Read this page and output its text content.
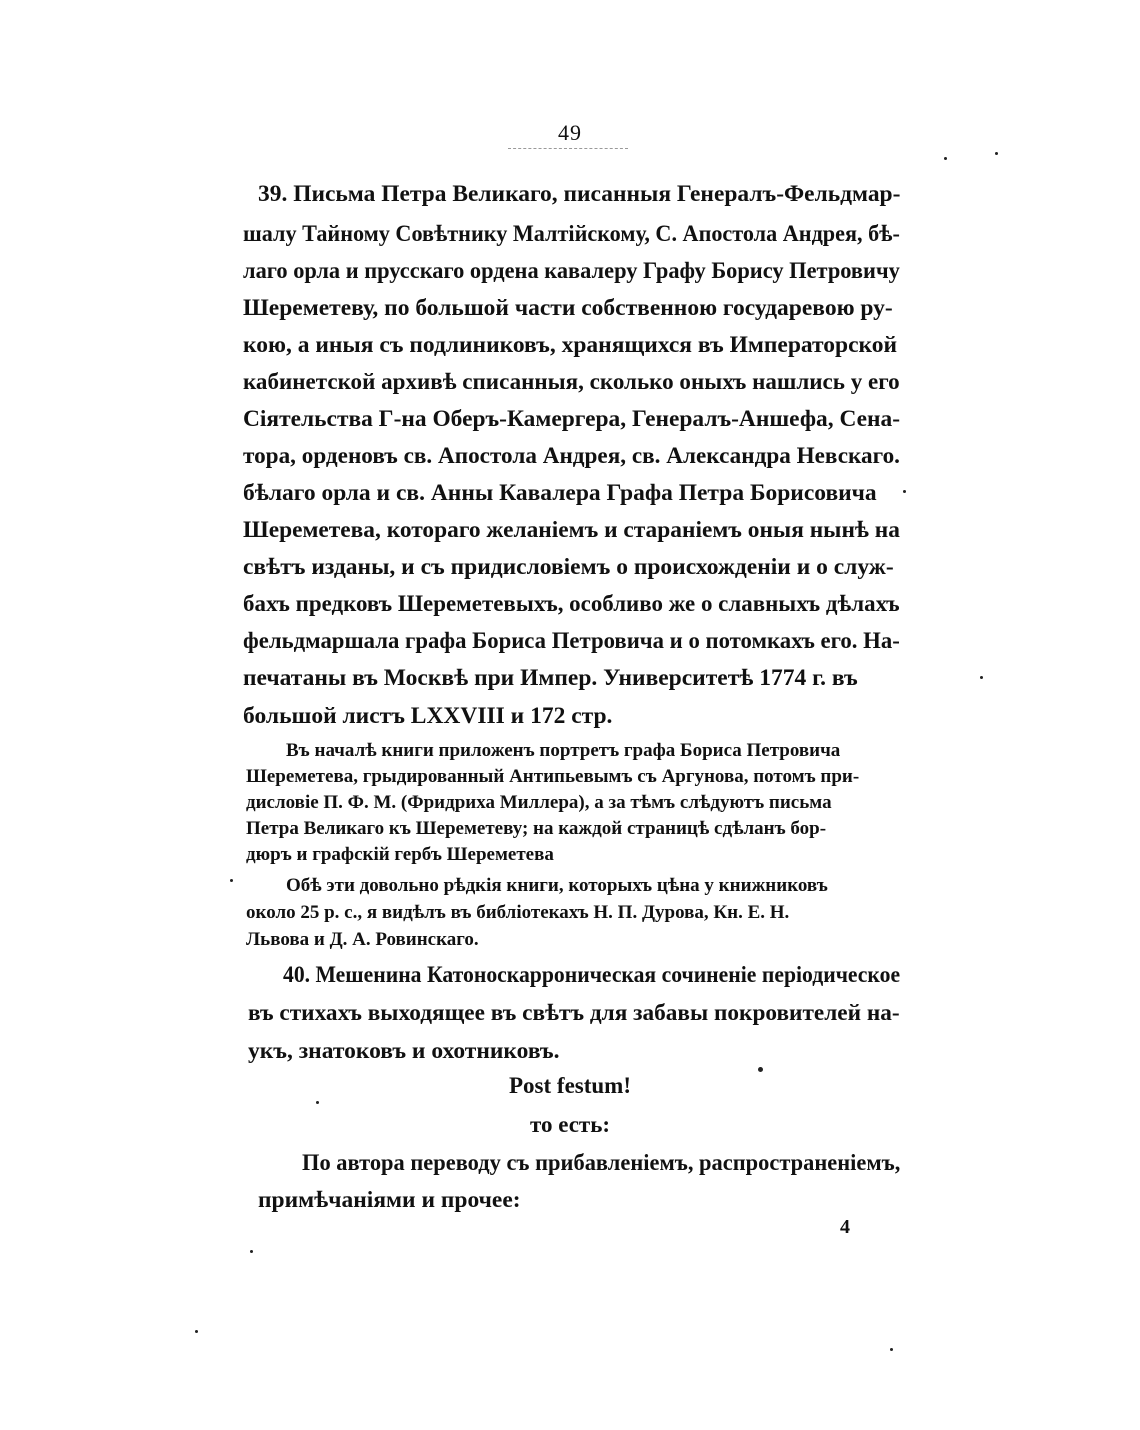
49
39. Письма Петра Великаго, писанныя Генералъ-Фельдмар-
шалу Тайному Совѣтнику Малтійскому, С. Апостола Андрея, бѣ-
лаго орла и прусскаго ордена кавалеру Графу Борису Петровичу
Шереметеву, по большой части собственною государевою ру-
кою, а иныя съ подлиниковъ, хранящихся въ Императорской
кабинетской архивѣ списанныя, сколько оныхъ нашлись у его
Сіятельства Г-на Оберъ-Камергера, Генералъ-Аншефа, Сена-
тора, орденовъ св. Апостола Андрея, св. Александра Невскаго.
бѣлаго орла и св. Анны Кавалера Графа Петра Борисовича
Шереметева, котораго желаніемъ и стараніемъ оныя нынѣ на
свѣтъ изданы, и съ придисловіемъ о происхожденіи и о служ-
бахъ предковъ Шереметевыхъ, особливо же о славныхъ дѣлахъ
фельдмаршала графа Бориса Петровича и о потомкахъ его. На-
печатаны въ Москвѣ при Импер. Университетѣ 1774 г. въ
большой листъ LXXVIII и 172 стр.
Въ началѣ книги приложенъ портретъ графа Бориса Петровича
Шереметева, грыдированный Антипьевымъ съ Аргунова, потомъ при-
дисловіе П. Ф. М. (Фридриха Миллера), а за тѣмъ слѣдуютъ письма
Петра Великаго къ Шереметеву; на каждой страницѣ сдѣланъ бор-
дюръ и графскій гербъ Шереметева
Обѣ эти довольно рѣдкія книги, которыхъ цѣна у книжниковъ
около 25 р. с., я видѣлъ въ библіотекахъ Н. П. Дурова, Кн. Е. Н.
Львова и Д. А. Ровинскаго.
40. Мешенина Катоноскарроническая сочиненіе періодическое
въ стихахъ выходящее въ свѣтъ для забавы покровителей на-
укъ, знатоковъ и охотниковъ.
Post festum!
то есть:
По автора переводу съ прибавленіемъ, распространеніемъ,
примѣчаніями и прочее:
4
